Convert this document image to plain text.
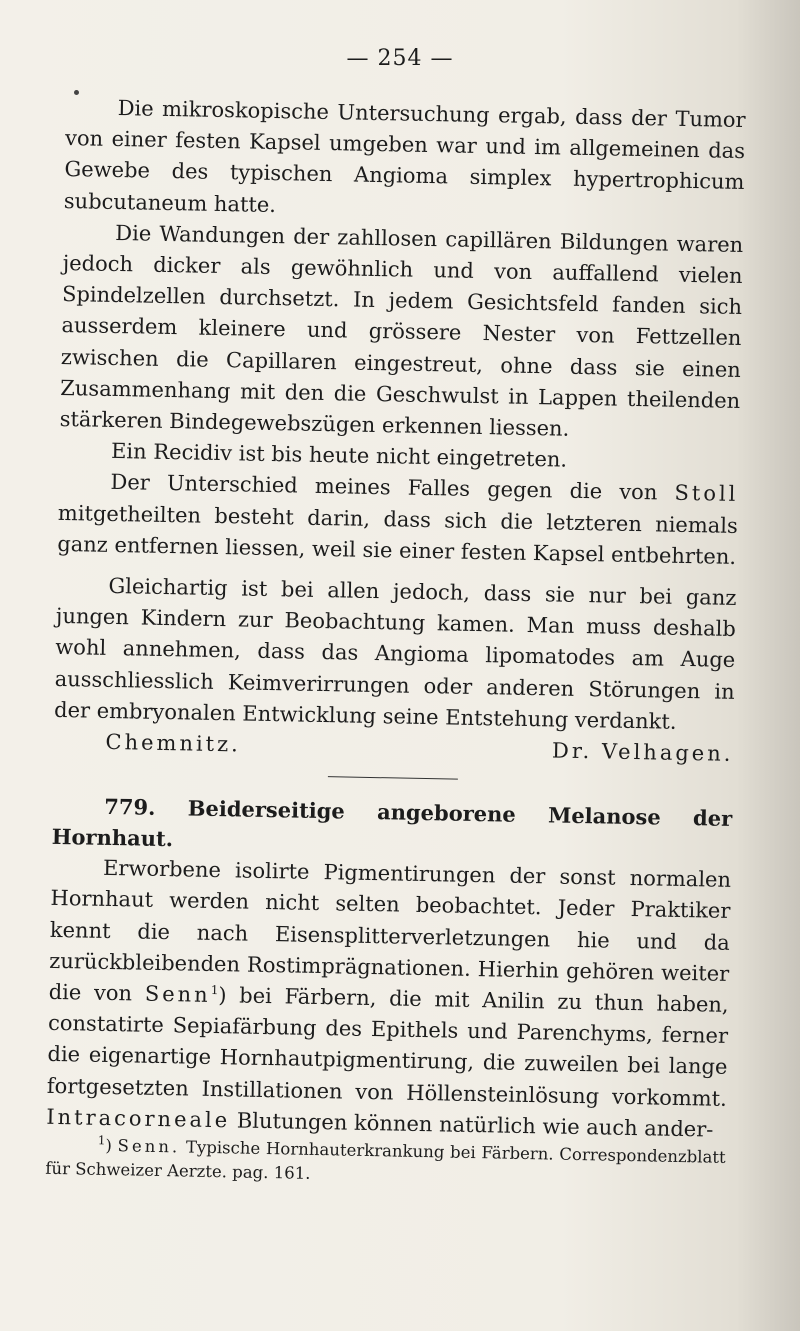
— 254 —

Die mikroskopische Untersuchung ergab, dass der Tumor von einer festen Kapsel umgeben war und im allgemeinen das Gewebe des typischen Angioma simplex hypertrophicum subcutaneum hatte.

Die Wandungen der zahllosen capillären Bildungen waren jedoch dicker als gewöhnlich und von auffallend vielen Spindelzellen durchsetzt. In jedem Gesichtsfeld fanden sich ausserdem kleinere und grössere Nester von Fettzellen zwischen die Capillaren eingestreut, ohne dass sie einen Zusammenhang mit den die Geschwulst in Lappen theilenden stärkeren Bindegewebszügen erkennen liessen.

Ein Recidiv ist bis heute nicht eingetreten.

Der Unterschied meines Falles gegen die von Stoll mitgetheilten besteht darin, dass sich die letzteren niemals ganz entfernen liessen, weil sie einer festen Kapsel entbehrten.

Gleichartig ist bei allen jedoch, dass sie nur bei ganz jungen Kindern zur Beobachtung kamen. Man muss deshalb wohl annehmen, dass das Angioma lipomatodes am Auge ausschliesslich Keimverirrungen oder anderen Störungen in der embryonalen Entwicklung seine Entstehung verdankt.

Chemnitz.	Dr. Velhagen.

779. Beiderseitige angeborene Melanose der Hornhaut.

Erworbene isolirte Pigmentirungen der sonst normalen Hornhaut werden nicht selten beobachtet. Jeder Praktiker kennt die nach Eisensplitterverletzungen hie und da zurückbleibenden Rostimprägnationen. Hierhin gehören weiter die von Senn$^1$) bei Färbern, die mit Anilin zu thun haben, constatirte Sepiafärbung des Epithels und Parenchyms, ferner die eigenartige Hornhautpigmentirung, die zuweilen bei lange fortgesetzten Instillationen von Höllensteinlösung vorkommt. Intracorneale Blutungen können natürlich wie auch ander-

$^1$) Senn. Typische Hornhauterkrankung bei Färbern. Correspondenzblatt für Schweizer Aerzte. pag. 161.
